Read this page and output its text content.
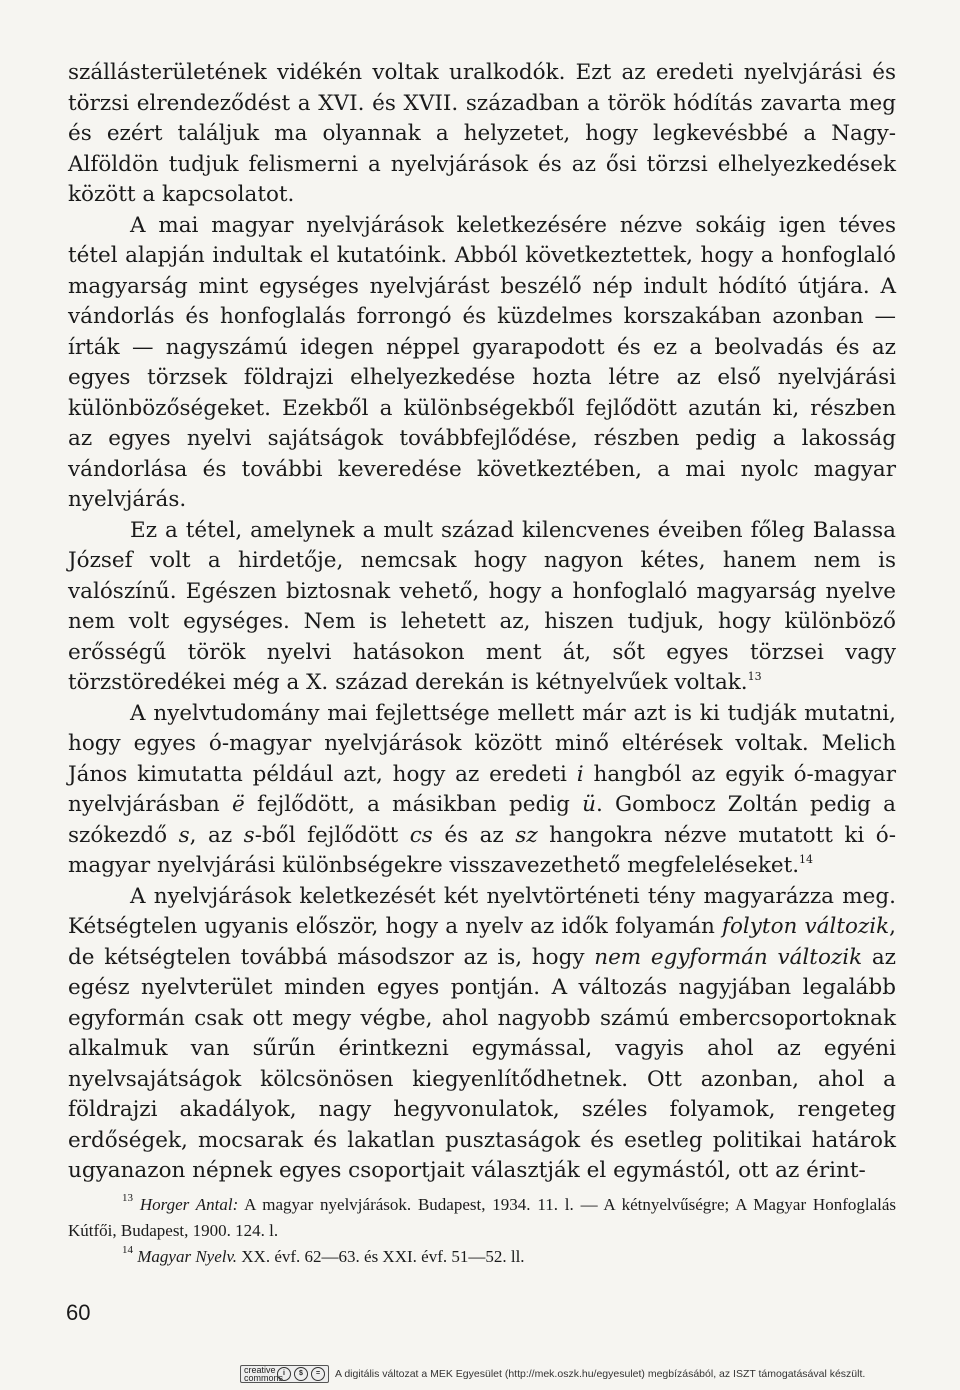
szállásterületének vidékén voltak uralkodók. Ezt az eredeti nyelvjárási és törzsi elrendeződést a XVI. és XVII. században a török hódítás zavarta meg és ezért találjuk ma olyannak a helyzetet, hogy legkevésbbé a Nagy-Alföldön tudjuk felismerni a nyelvjárások és az ősi törzsi elhelyezkedések között a kapcsolatot.

A mai magyar nyelvjárások keletkezésére nézve sokáig igen téves tétel alapján indultak el kutatóink. Abból következtettek, hogy a honfoglaló magyarság mint egységes nyelvjárást beszélő nép indult hódító útjára. A vándorlás és honfoglalás forrongó és küzdelmes korszakában azonban — írták — nagyszámú idegen néppel gyarapodott és ez a beolvadás és az egyes törzsek földrajzi elhelyezkedése hozta létre az első nyelvjárási különbözőségeket. Ezekből a különbségekből fejlődött azután ki, részben az egyes nyelvi sajátságok továbbfejlődése, részben pedig a lakosság vándorlása és további keveredése következtében, a mai nyolc magyar nyelvjárás.

Ez a tétel, amelynek a mult század kilencvenes éveiben főleg Balassa József volt a hirdetője, nemcsak hogy nagyon kétes, hanem nem is valószínű. Egészen biztosnak vehető, hogy a honfoglaló magyarság nyelve nem volt egységes. Nem is lehetett az, hiszen tudjuk, hogy különböző erősségű török nyelvi hatásokon ment át, sőt egyes törzsei vagy törzstöredékei még a X. század derekán is kétnyelvűek voltak.$^{13}$

A nyelvtudomány mai fejlettsége mellett már azt is ki tudják mutatni, hogy egyes ó-magyar nyelvjárások között minő eltérések voltak. Melich János kimutatta például azt, hogy az eredeti i hangból az egyik ó-magyar nyelvjárásban ë fejlődött, a másikban pedig ü. Gombocz Zoltán pedig a szókezdő s, az s-ből fejlődött cs és az sz hangokra nézve mutatott ki ó-magyar nyelvjárási különbségekre visszavezethető megfeleléseket.$^{14}$

A nyelvjárások keletkezését két nyelvtörténeti tény magyarázza meg. Kétségtelen ugyanis először, hogy a nyelv az idők folyamán folyton változik, de kétségtelen továbbá másodszor az is, hogy nem egyformán változik az egész nyelvterület minden egyes pontján. A változás nagyjában legalább egyformán csak ott megy végbe, ahol nagyobb számú embercsoportoknak alkalmuk van sűrűn érintkezni egymással, vagyis ahol az egyéni nyelvsajátságok kölcsönösen kiegyenlítődhetnek. Ott azonban, ahol a földrajzi akadályok, nagy hegyvonulatok, széles folyamok, rengeteg erdőségek, mocsarak és lakatlan pusztaságok és esetleg politikai határok ugyanazon népnek egyes csoportjait választják el egymástól, ott az érint-

$^{13}$ Horger Antal: A magyar nyelvjárások. Budapest, 1934. 11. l. — A kétnyelvűségre; A Magyar Honfoglalás Kútfői, Budapest, 1900. 124. l.

$^{14}$ Magyar Nyelv. XX. évf. 62—63. és XXI. évf. 51—52. ll.

60
creative commons i	$	=	A digitális változat a MEK Egyesület (http://mek.oszk.hu/egyesulet) megbízásából, az ISZT támogatásával készült.
